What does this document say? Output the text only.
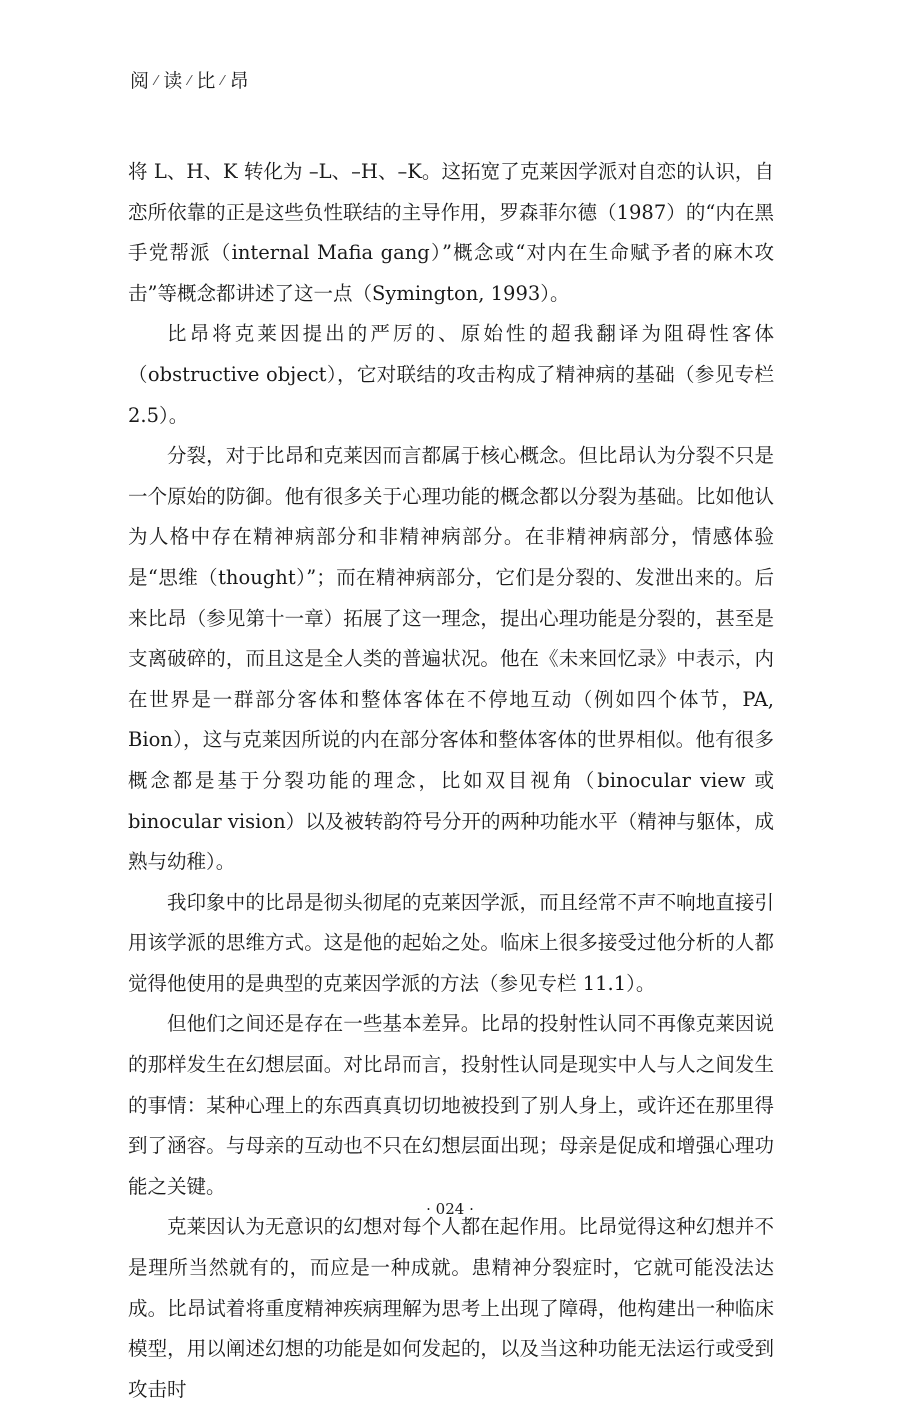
阅 ⁄ 读 ⁄ 比 ⁄ 昂

将 L、H、K 转化为 –L、–H、–K。这拓宽了克莱因学派对自恋的认识，自恋所依靠的正是这些负性联结的主导作用，罗森菲尔德（1987）的“内在黑手党帮派（internal Mafia gang）”概念或“对内在生命赋予者的麻木攻击”等概念都讲述了这一点（Symington, 1993）。

比昂将克莱因提出的严厉的、原始性的超我翻译为阻碍性客体（obstructive object），它对联结的攻击构成了精神病的基础（参见专栏 2.5）。

分裂，对于比昂和克莱因而言都属于核心概念。但比昂认为分裂不只是一个原始的防御。他有很多关于心理功能的概念都以分裂为基础。比如他认为人格中存在精神病部分和非精神病部分。在非精神病部分，情感体验是“思维（thought）”；而在精神病部分，它们是分裂的、发泄出来的。后来比昂（参见第十一章）拓展了这一理念，提出心理功能是分裂的，甚至是支离破碎的，而且这是全人类的普遍状况。他在《未来回忆录》中表示，内在世界是一群部分客体和整体客体在不停地互动（例如四个体节，PA, Bion），这与克莱因所说的内在部分客体和整体客体的世界相似。他有很多概念都是基于分裂功能的理念，比如双目视角（binocular view 或 binocular vision）以及被转韵符号分开的两种功能水平（精神与躯体，成熟与幼稚）。

我印象中的比昂是彻头彻尾的克莱因学派，而且经常不声不响地直接引用该学派的思维方式。这是他的起始之处。临床上很多接受过他分析的人都觉得他使用的是典型的克莱因学派的方法（参见专栏 11.1）。

但他们之间还是存在一些基本差异。比昂的投射性认同不再像克莱因说的那样发生在幻想层面。对比昂而言，投射性认同是现实中人与人之间发生的事情：某种心理上的东西真真切切地被投到了别人身上，或许还在那里得到了涵容。与母亲的互动也不只在幻想层面出现；母亲是促成和增强心理功能之关键。

克莱因认为无意识的幻想对每个人都在起作用。比昂觉得这种幻想并不是理所当然就有的，而应是一种成就。患精神分裂症时，它就可能没法达成。比昂试着将重度精神疾病理解为思考上出现了障碍，他构建出一种临床模型，用以阐述幻想的功能是如何发起的，以及当这种功能无法运行或受到攻击时

· 024 ·
